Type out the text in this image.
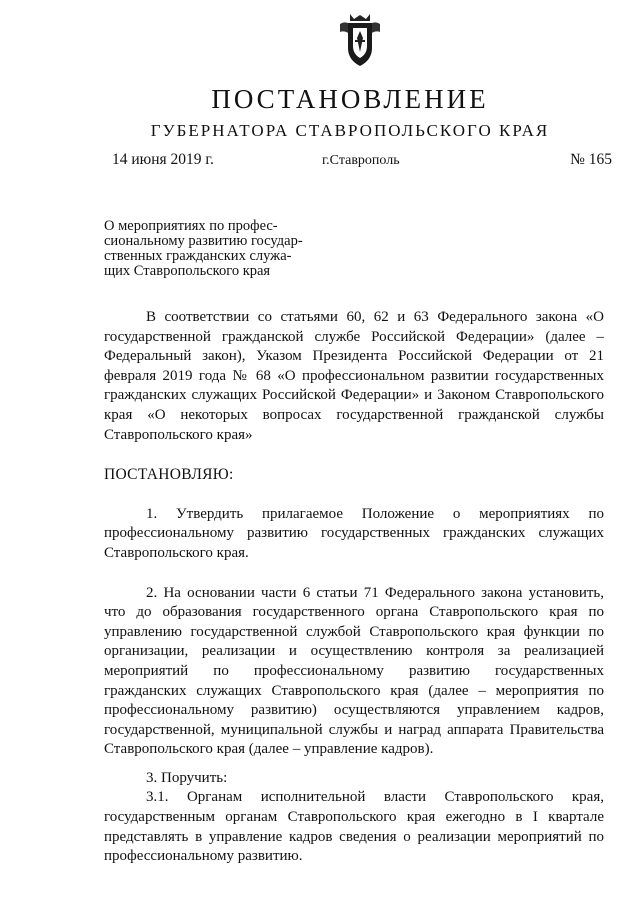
ПОСТАНОВЛЕНИЕ
ГУБЕРНАТОРА СТАВРОПОЛЬСКОГО КРАЯ
14 июня 2019 г.	г.Ставрополь	№ 165
О мероприятиях по профес-
сиональному развитию государ-
ственных гражданских служа-
щих Ставропольского края

В соответствии со статьями 60, 62 и 63 Федерального закона «О государственной гражданской службе Российской Федерации» (далее – Федеральный закон), Указом Президента Российской Федерации от 21 февраля 2019 года № 68 «О профессиональном развитии государственных гражданских служащих Российской Федерации» и Законом Ставропольского края «О некоторых вопросах государственной гражданской службы Ставропольского края»

ПОСТАНОВЛЯЮ:

1. Утвердить прилагаемое Положение о мероприятиях по профессиональному развитию государственных гражданских служащих Ставропольского края.

2. На основании части 6 статьи 71 Федерального закона установить, что до образования государственного органа Ставропольского края по управлению государственной службой Ставропольского края функции по организации, реализации и осуществлению контроля за реализацией мероприятий по профессиональному развитию государственных гражданских служащих Ставропольского края (далее – мероприятия по профессиональному развитию) осуществляются управлением кадров, государственной, муниципальной службы и наград аппарата Правительства Ставропольского края (далее – управление кадров).

3. Поручить:

3.1. Органам исполнительной власти Ставропольского края, государственным органам Ставропольского края ежегодно в I квартале представлять в управление кадров сведения о реализации мероприятий по профессиональному развитию.
